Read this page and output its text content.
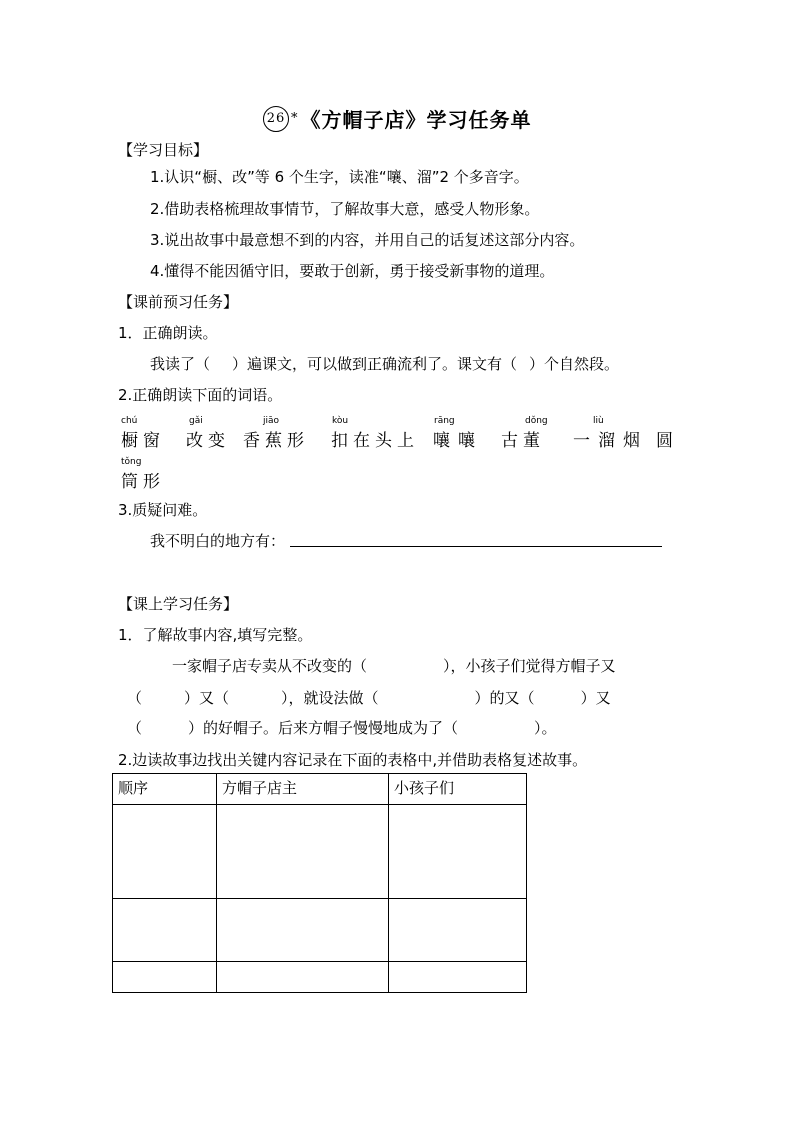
26 * 《方帽子店》学习任务单
【学习目标】
1.认识“橱、改”等 6 个生字，读准“嚷、溜”2 个多音字。
2.借助表格梳理故事情节，了解故事大意，感受人物形象。
3.说出故事中最意想不到的内容，并用自己的话复述这部分内容。
4.懂得不能因循守旧，要敢于创新，勇于接受新事物的道理。
【课前预习任务】
1．正确朗读。
我读了（ ）遍课文，可以做到正确流利了。课文有（ ）个自然段。
2.正确朗读下面的词语。
chú
橱窗
gǎi
改变
jiāo
香蕉形
kòu
扣在头上
rāng
嚷嚷
dǒng
古董
liù
一溜烟 圆
tǒng
筒形
3.质疑问难。
我不明白的地方有：
【课上学习任务】
1．了解故事内容,填写完整。
一家帽子店专卖从不改变的（	），小孩子们觉得方帽子又
（	）又（	），就设法做（	）的又（	）又
（	）的好帽子。后来方帽子慢慢地成为了（	）。
2.边读故事边找出关键内容记录在下面的表格中,并借助表格复述故事。
顺序	方帽子店主	小孩子们
